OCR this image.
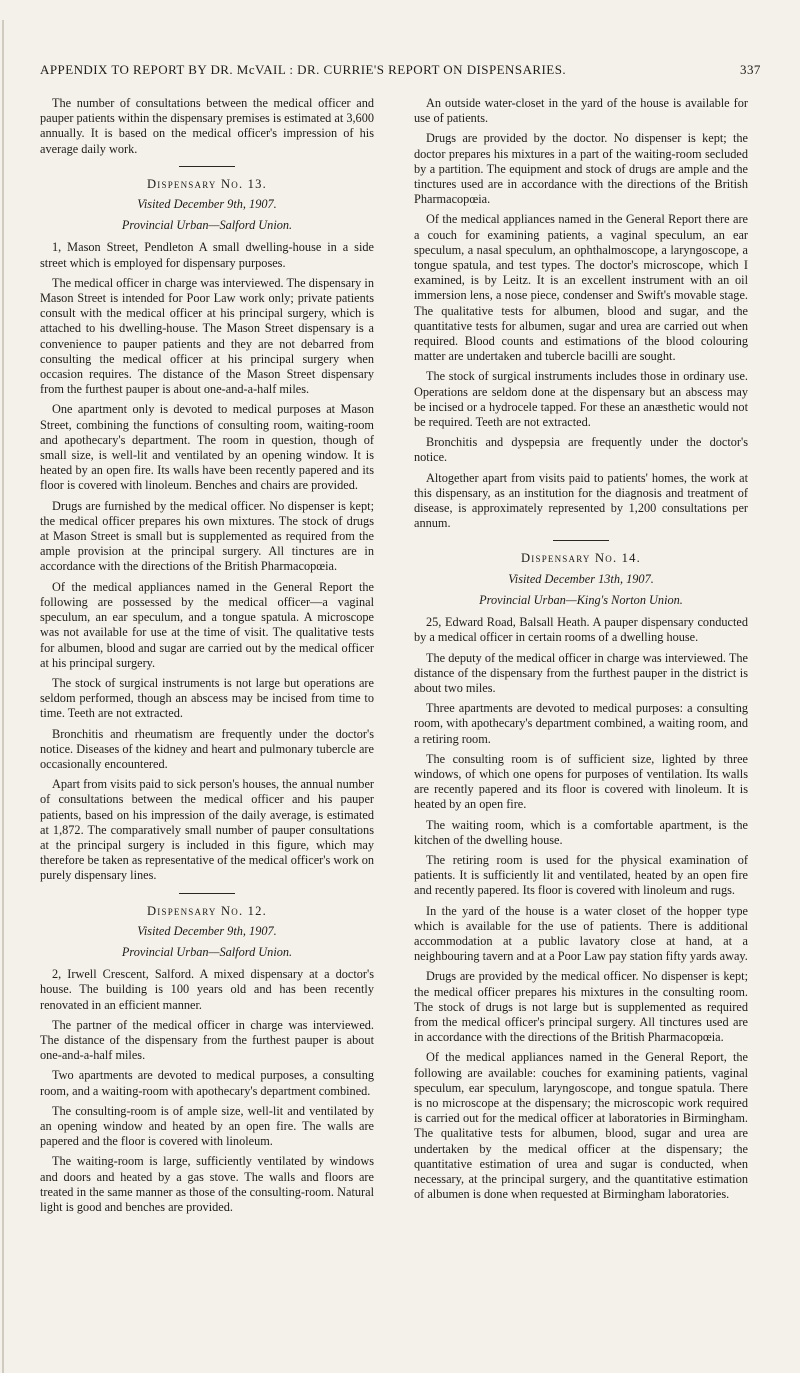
APPENDIX TO REPORT BY DR. McVAIL : DR. CURRIE'S REPORT ON DISPENSARIES.	337

The number of consultations between the medical officer and pauper patients within the dispensary premises is estimated at 3,600 annually. It is based on the medical officer's impression of his average daily work.

Dispensary No. 13.
Visited December 9th, 1907.
Provincial Urban—Salford Union.

1, Mason Street, Pendleton A small dwelling-house in a side street which is employed for dispensary purposes.

The medical officer in charge was interviewed. The dispensary in Mason Street is intended for Poor Law work only; private patients consult with the medical officer at his principal surgery, which is attached to his dwelling-house. The Mason Street dispensary is a convenience to pauper patients and they are not debarred from consulting the medical officer at his principal surgery when occasion requires. The distance of the Mason Street dispensary from the furthest pauper is about one-and-a-half miles.

One apartment only is devoted to medical purposes at Mason Street, combining the functions of consulting room, waiting-room and apothecary's department. The room in question, though of small size, is well-lit and ventilated by an opening window. It is heated by an open fire. Its walls have been recently papered and its floor is covered with linoleum. Benches and chairs are provided.

Drugs are furnished by the medical officer. No dispenser is kept; the medical officer prepares his own mixtures. The stock of drugs at Mason Street is small but is supplemented as required from the ample provision at the principal surgery. All tinctures are in accordance with the directions of the British Pharmacopœia.

Of the medical appliances named in the General Report the following are possessed by the medical officer—a vaginal speculum, an ear speculum, and a tongue spatula. A microscope was not available for use at the time of visit. The qualitative tests for albumen, blood and sugar are carried out by the medical officer at his principal surgery.

The stock of surgical instruments is not large but operations are seldom performed, though an abscess may be incised from time to time. Teeth are not extracted.

Bronchitis and rheumatism are frequently under the doctor's notice. Diseases of the kidney and heart and pulmonary tubercle are occasionally encountered.

Apart from visits paid to sick person's houses, the annual number of consultations between the medical officer and his pauper patients, based on his impression of the daily average, is estimated at 1,872. The comparatively small number of pauper consultations at the principal surgery is included in this figure, which may therefore be taken as representative of the medical officer's work on purely dispensary lines.

Dispensary No. 12.
Visited December 9th, 1907.
Provincial Urban—Salford Union.

2, Irwell Crescent, Salford. A mixed dispensary at a doctor's house. The building is 100 years old and has been recently renovated in an efficient manner.

The partner of the medical officer in charge was interviewed. The distance of the dispensary from the furthest pauper is about one-and-a-half miles.

Two apartments are devoted to medical purposes, a consulting room, and a waiting-room with apothecary's department combined.

The consulting-room is of ample size, well-lit and ventilated by an opening window and heated by an open fire. The walls are papered and the floor is covered with linoleum.

The waiting-room is large, sufficiently ventilated by windows and doors and heated by a gas stove. The walls and floors are treated in the same manner as those of the consulting-room. Natural light is good and benches are provided.

An outside water-closet in the yard of the house is available for use of patients.

Drugs are provided by the doctor. No dispenser is kept; the doctor prepares his mixtures in a part of the waiting-room secluded by a partition. The equipment and stock of drugs are ample and the tinctures used are in accordance with the directions of the British Pharmacopœia.

Of the medical appliances named in the General Report there are a couch for examining patients, a vaginal speculum, an ear speculum, a nasal speculum, an ophthalmoscope, a laryngoscope, a tongue spatula, and test types. The doctor's microscope, which I examined, is by Leitz. It is an excellent instrument with an oil immersion lens, a nose piece, condenser and Swift's movable stage. The qualitative tests for albumen, blood and sugar, and the quantitative tests for albumen, sugar and urea are carried out when required. Blood counts and estimations of the blood colouring matter are undertaken and tubercle bacilli are sought.

The stock of surgical instruments includes those in ordinary use. Operations are seldom done at the dispensary but an abscess may be incised or a hydrocele tapped. For these an anæsthetic would not be required. Teeth are not extracted.

Bronchitis and dyspepsia are frequently under the doctor's notice.

Altogether apart from visits paid to patients' homes, the work at this dispensary, as an institution for the diagnosis and treatment of disease, is approximately represented by 1,200 consultations per annum.

Dispensary No. 14.
Visited December 13th, 1907.
Provincial Urban—King's Norton Union.

25, Edward Road, Balsall Heath. A pauper dispensary conducted by a medical officer in certain rooms of a dwelling house.

The deputy of the medical officer in charge was interviewed. The distance of the dispensary from the furthest pauper in the district is about two miles.

Three apartments are devoted to medical purposes: a consulting room, with apothecary's department combined, a waiting room, and a retiring room.

The consulting room is of sufficient size, lighted by three windows, of which one opens for purposes of ventilation. Its walls are recently papered and its floor is covered with linoleum. It is heated by an open fire.

The waiting room, which is a comfortable apartment, is the kitchen of the dwelling house.

The retiring room is used for the physical examination of patients. It is sufficiently lit and ventilated, heated by an open fire and recently papered. Its floor is covered with linoleum and rugs.

In the yard of the house is a water closet of the hopper type which is available for the use of patients. There is additional accommodation at a public lavatory close at hand, at a neighbouring tavern and at a Poor Law pay station fifty yards away.

Drugs are provided by the medical officer. No dispenser is kept; the medical officer prepares his mixtures in the consulting room. The stock of drugs is not large but is supplemented as required from the medical officer's principal surgery. All tinctures used are in accordance with the directions of the British Pharmacopœia.

Of the medical appliances named in the General Report, the following are available: couches for examining patients, vaginal speculum, ear speculum, laryngoscope, and tongue spatula. There is no microscope at the dispensary; the microscopic work required is carried out for the medical officer at laboratories in Birmingham. The qualitative tests for albumen, blood, sugar and urea are undertaken by the medical officer at the dispensary; the quantitative estimation of urea and sugar is conducted, when necessary, at the principal surgery, and the quantitative estimation of albumen is done when requested at Birmingham laboratories.
